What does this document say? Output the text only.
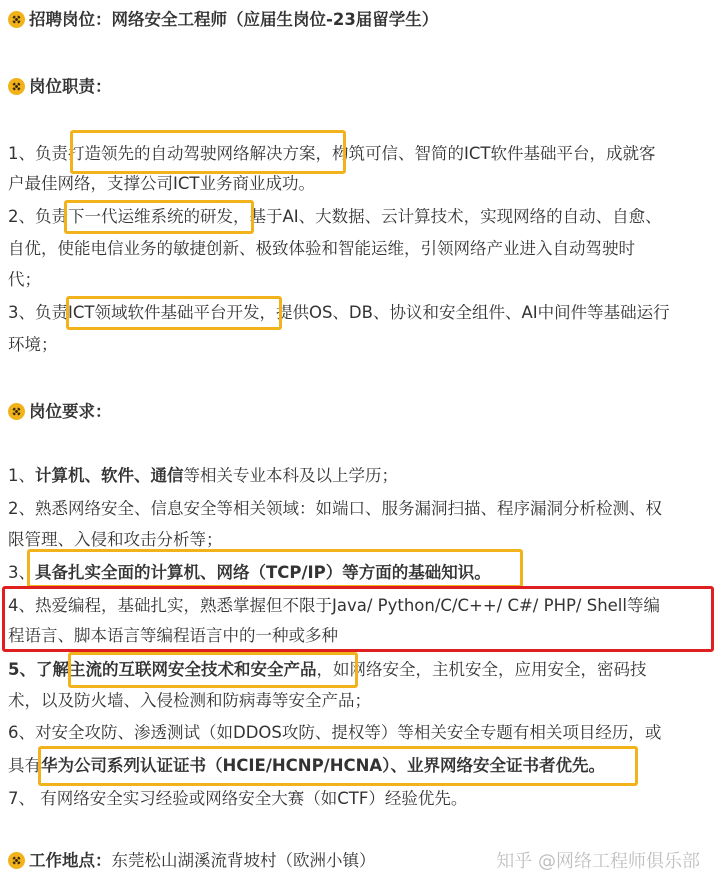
招聘岗位：网络安全工程师（应届生岗位-23届留学生）
岗位职责：
1、负责打造领先的自动驾驶网络解决方案，构筑可信、智简的ICT软件基础平台，成就客
户最佳网络，支撑公司ICT业务商业成功。
2、负责下一代运维系统的研发，基于AI、大数据、云计算技术，实现网络的自动、自愈、
自优，使能电信业务的敏捷创新、极致体验和智能运维，引领网络产业进入自动驾驶时
代；
3、负责ICT领域软件基础平台开发，提供OS、DB、协议和安全组件、AI中间件等基础运行
环境；
岗位要求：
1、计算机、软件、通信等相关专业本科及以上学历；
2、熟悉网络安全、信息安全等相关领域：如端口、服务漏洞扫描、程序漏洞分析检测、权
限管理、入侵和攻击分析等；
3、具备扎实全面的计算机、网络（TCP/IP）等方面的基础知识。
4、热爱编程，基础扎实，熟悉掌握但不限于Java/ Python/C/C++/ C#/ PHP/ Shell等编
程语言、脚本语言等编程语言中的一种或多种
5、了解主流的互联网安全技术和安全产品，如网络安全，主机安全，应用安全，密码技
术，以及防火墙、入侵检测和防病毒等安全产品；
6、对安全攻防、渗透测试（如DDOS攻防、提权等）等相关安全专题有相关项目经历，或
具有华为公司系列认证证书（HCIE/HCNP/HCNA）、业界网络安全证书者优先。
7、 有网络安全实习经验或网络安全大赛（如CTF）经验优先。
工作地点：东莞松山湖溪流背坡村（欧洲小镇）	知乎 @网络工程师俱乐部
